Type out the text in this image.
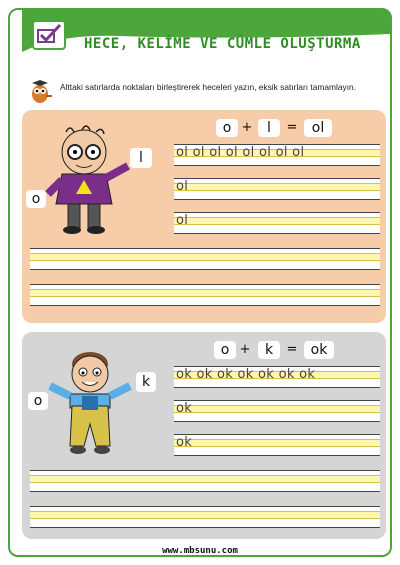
HECE, KELİME VE CÜMLE OLUŞTURMA
Alttaki satırlarda noktaları birleştirerek heceleri yazın, eksik satırları tamamlayın.
o
l
o +	l	=	ol
ol ol ol ol ol ol ol ol
ol
ol
o
k
o +	k	= ok
ok ok ok ok ok ok ok
ok
ok
www.mbsunu.com
